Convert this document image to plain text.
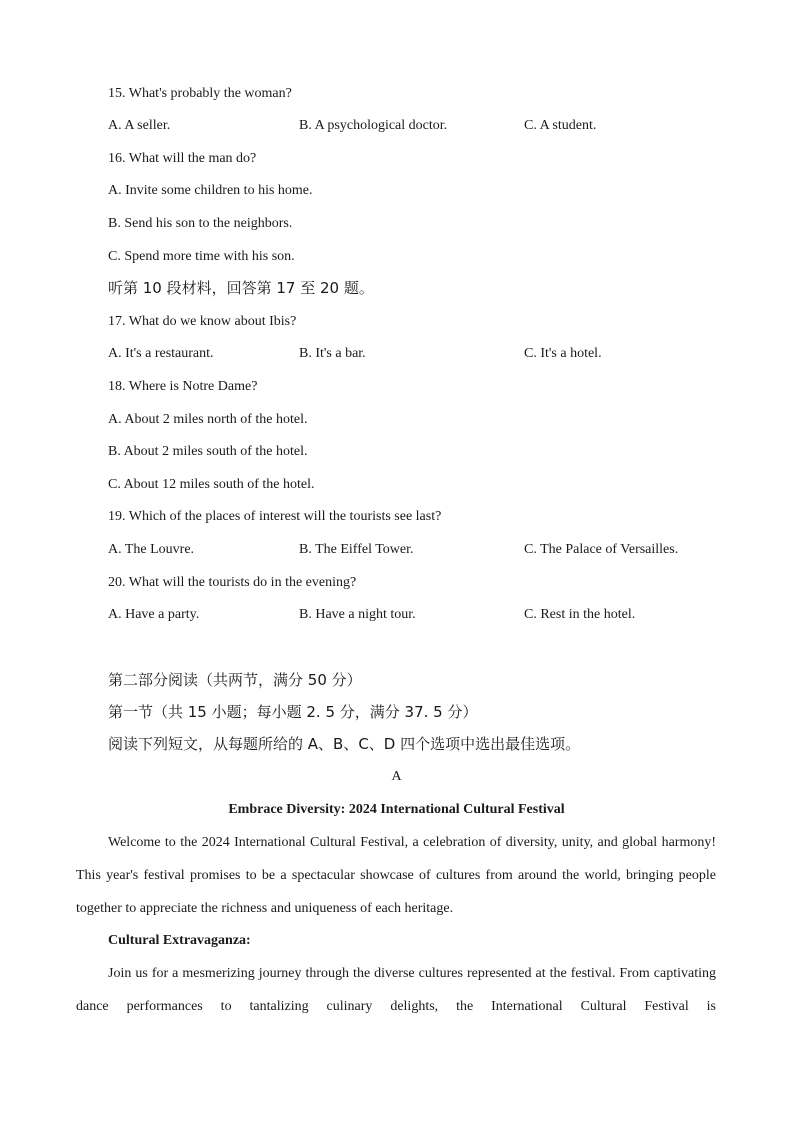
15. What's probably the woman?
A. A seller.	B. A psychological doctor.	C. A student.
16. What will the man do?
A. Invite some children to his home.
B. Send his son to the neighbors.
C. Spend more time with his son.
听第 10 段材料，回答第 17 至 20 题。
17. What do we know about Ibis?
A. It's a restaurant.	B. It's a bar.	C. It's a hotel.
18. Where is Notre Dame?
A. About 2 miles north of the hotel.
B. About 2 miles south of the hotel.
C. About 12 miles south of the hotel.
19. Which of the places of interest will the tourists see last?
A. The Louvre.	B. The Eiffel Tower.	C. The Palace of Versailles.
20. What will the tourists do in the evening?
A. Have a party.	B. Have a night tour.	C. Rest in the hotel.
第二部分阅读（共两节，满分 50 分）
第一节（共 15 小题；每小题 2. 5 分，满分 37. 5 分）
阅读下列短文，从每题所给的 A、B、C、D 四个选项中选出最佳选项。
A
Embrace Diversity: 2024 International Cultural Festival

Welcome to the 2024 International Cultural Festival, a celebration of diversity, unity, and global harmony! This year's festival promises to be a spectacular showcase of cultures from around the world, bringing people together to appreciate the richness and uniqueness of each heritage.

Cultural Extravaganza:

Join us for a mesmerizing journey through the diverse cultures represented at the festival. From captivating dance performances to tantalizing culinary delights, the International Cultural Festival is
